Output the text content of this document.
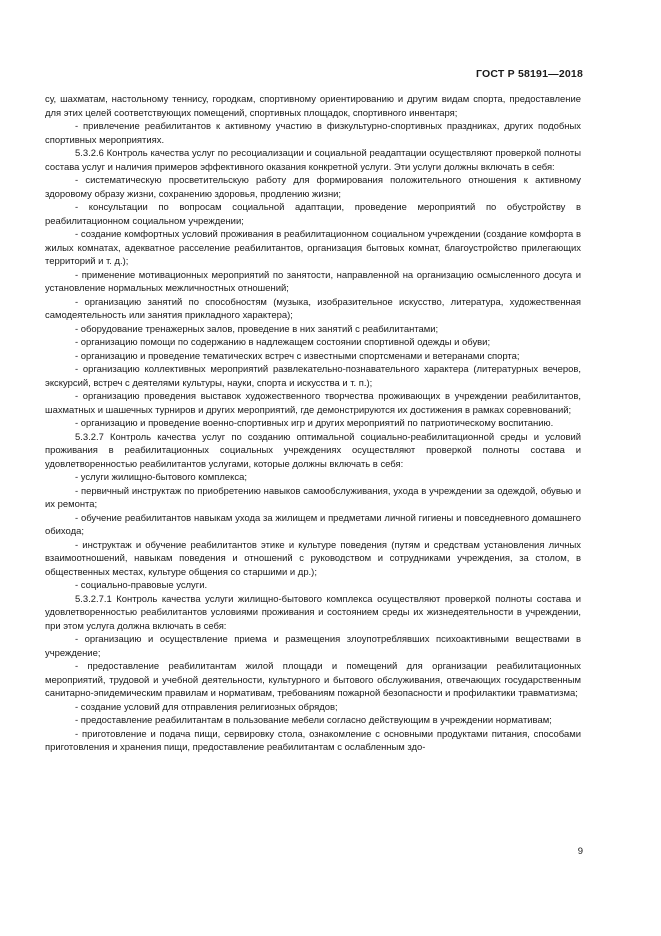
ГОСТ Р 58191—2018

су, шахматам, настольному теннису, городкам, спортивному ориентированию и другим видам спорта, предоставление для этих целей соответствующих помещений, спортивных площадок, спортивного инвентаря;

- привлечение реабилитантов к активному участию в физкультурно-спортивных праздниках, других подобных спортивных мероприятиях.

5.3.2.6 Контроль качества услуг по ресоциализации и социальной реадаптации осуществляют проверкой полноты состава услуг и наличия примеров эффективного оказания конкретной услуги. Эти услуги должны включать в себя:

- систематическую просветительскую работу для формирования положительного отношения к активному здоровому образу жизни, сохранению здоровья, продлению жизни;

- консультации по вопросам социальной адаптации, проведение мероприятий по обустройству в реабилитационном социальном учреждении;

- создание комфортных условий проживания в реабилитационном социальном учреждении (создание комфорта в жилых комнатах, адекватное расселение реабилитантов, организация бытовых комнат, благоустройство прилегающих территорий и т. д.);

- применение мотивационных мероприятий по занятости, направленной на организацию осмысленного досуга и установление нормальных межличностных отношений;

- организацию занятий по способностям (музыка, изобразительное искусство, литература, художественная самодеятельность или занятия прикладного характера);

- оборудование тренажерных залов, проведение в них занятий с реабилитантами;

- организацию помощи по содержанию в надлежащем состоянии спортивной одежды и обуви;

- организацию и проведение тематических встреч с известными спортсменами и ветеранами спорта;

- организацию коллективных мероприятий развлекательно-познавательного характера (литературных вечеров, экскурсий, встреч с деятелями культуры, науки, спорта и искусства и т. п.);

- организацию проведения выставок художественного творчества проживающих в учреждении реабилитантов, шахматных и шашечных турниров и других мероприятий, где демонстрируются их достижения в рамках соревнований;

- организацию и проведение военно-спортивных игр и других мероприятий по патриотическому воспитанию.

5.3.2.7 Контроль качества услуг по созданию оптимальной социально-реабилитационной среды и условий проживания в реабилитационных социальных учреждениях осуществляют проверкой полноты состава и удовлетворенностью реабилитантов услугами, которые должны включать в себя:

- услуги жилищно-бытового комплекса;

- первичный инструктаж по приобретению навыков самообслуживания, ухода в учреждении за одеждой, обувью и их ремонта;

- обучение реабилитантов навыкам ухода за жилищем и предметами личной гигиены и повседневного домашнего обихода;

- инструктаж и обучение реабилитантов этике и культуре поведения (путям и средствам установления личных взаимоотношений, навыкам поведения и отношений с руководством и сотрудниками учреждения, за столом, в общественных местах, культуре общения со старшими и др.);

- социально-правовые услуги.

5.3.2.7.1 Контроль качества услуги жилищно-бытового комплекса осуществляют проверкой полноты состава и удовлетворенностью реабилитантов условиями проживания и состоянием среды их жизнедеятельности в учреждении, при этом услуга должна включать в себя:

- организацию и осуществление приема и размещения злоупотреблявших психоактивными веществами в учреждение;

- предоставление реабилитантам жилой площади и помещений для организации реабилитационных мероприятий, трудовой и учебной деятельности, культурного и бытового обслуживания, отвечающих государственным санитарно-эпидемическим правилам и нормативам, требованиям пожарной безопасности и профилактики травматизма;

- создание условий для отправления религиозных обрядов;

- предоставление реабилитантам в пользование мебели согласно действующим в учреждении нормативам;

- приготовление и подача пищи, сервировку стола, ознакомление с основными продуктами питания, способами приготовления и хранения пищи, предоставление реабилитантам с ослабленным здо-

9
